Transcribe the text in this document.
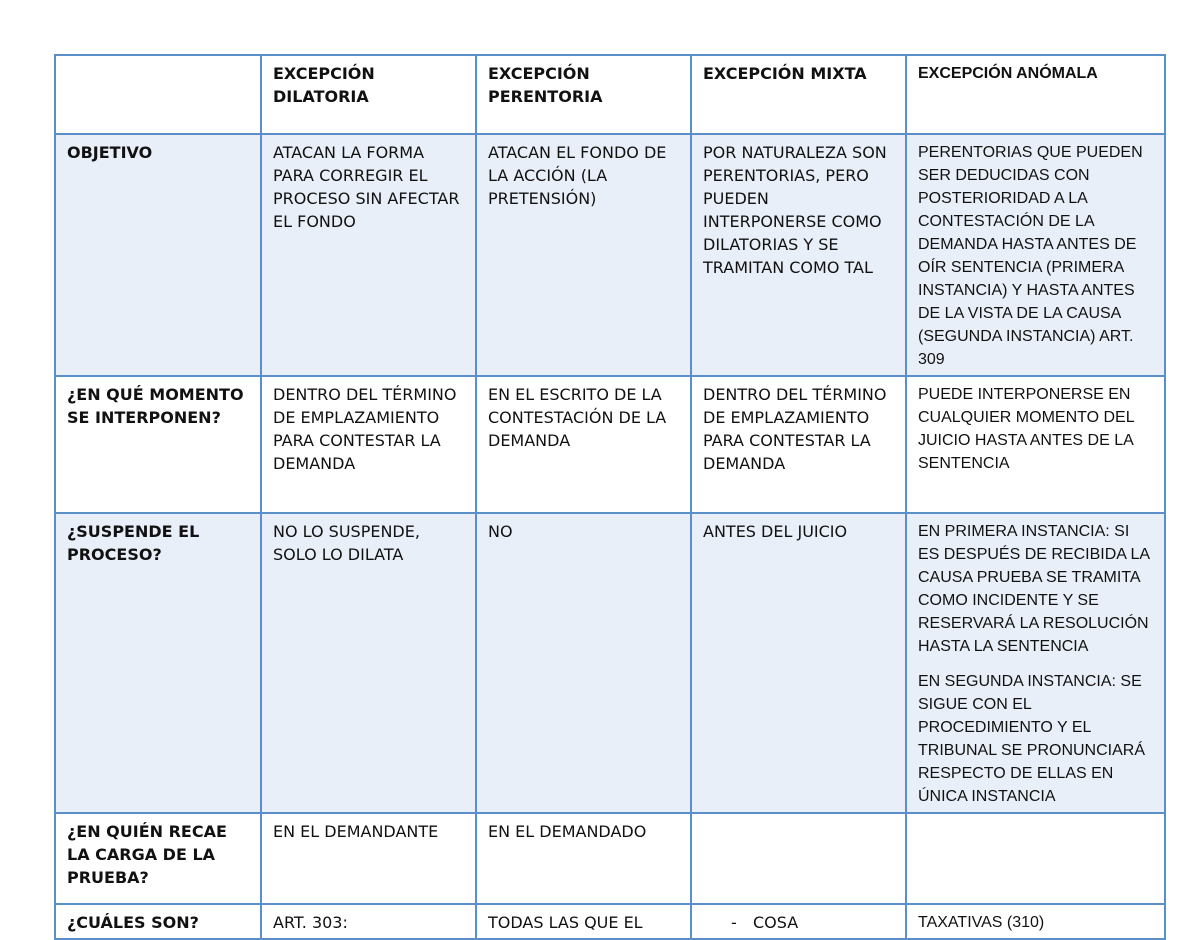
	EXCEPCIÓN DILATORIA	EXCEPCIÓN PERENTORIA	EXCEPCIÓN MIXTA	EXCEPCIÓN ANÓMALA
OBJETIVO	ATACAN LA FORMA PARA CORREGIR EL PROCESO SIN AFECTAR EL FONDO	ATACAN EL FONDO DE LA ACCIÓN (LA PRETENSIÓN)	POR NATURALEZA SON PERENTORIAS, PERO PUEDEN INTERPONERSE COMO DILATORIAS Y SE TRAMITAN COMO TAL	PERENTORIAS QUE PUEDEN SER DEDUCIDAS CON POSTERIORIDAD A LA CONTESTACIÓN DE LA DEMANDA HASTA ANTES DE OÍR SENTENCIA (PRIMERA INSTANCIA) Y HASTA ANTES DE LA VISTA DE LA CAUSA (SEGUNDA INSTANCIA) ART. 309
¿EN QUÉ MOMENTO SE INTERPONEN?	DENTRO DEL TÉRMINO DE EMPLAZAMIENTO PARA CONTESTAR LA DEMANDA	EN EL ESCRITO DE LA CONTESTACIÓN DE LA DEMANDA	DENTRO DEL TÉRMINO DE EMPLAZAMIENTO PARA CONTESTAR LA DEMANDA	PUEDE INTERPONERSE EN CUALQUIER MOMENTO DEL JUICIO HASTA ANTES DE LA SENTENCIA
¿SUSPENDE EL PROCESO?	NO LO SUSPENDE, SOLO LO DILATA	NO	ANTES DEL JUICIO	EN PRIMERA INSTANCIA: SI ES DESPUÉS DE RECIBIDA LA CAUSA PRUEBA SE TRAMITA COMO INCIDENTE Y SE RESERVARÁ LA RESOLUCIÓN HASTA LA SENTENCIA

EN SEGUNDA INSTANCIA: SE SIGUE CON EL PROCEDIMIENTO Y EL TRIBUNAL SE PRONUNCIARÁ RESPECTO DE ELLAS EN ÚNICA INSTANCIA

¿EN QUIÉN RECAE LA CARGA DE LA PRUEBA?	EN EL DEMANDANTE	EN EL DEMANDADO		
¿CUÁLES SON?	ART. 303:	TODAS LAS QUE EL	- COSA	TAXATIVAS (310)
